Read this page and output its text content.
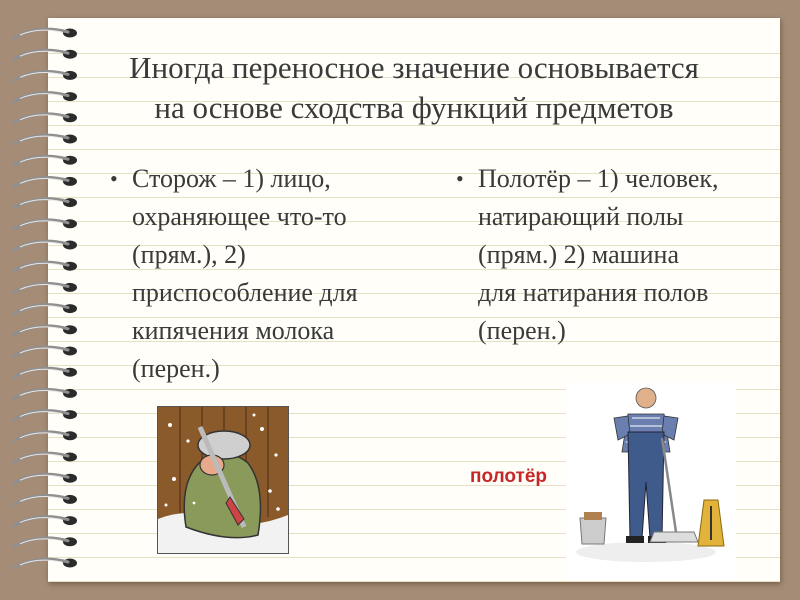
Иногда переносное значение основывается
на основе сходства функций предметов
• Сторож – 1) лицо,
охраняющее что-то
(прям.), 2)
приспособление для
кипячения молока
(перен.)
• Полотёр – 1) человек,
натирающий полы
(прям.) 2) машина
для натирания полов
(перен.)
полотёр
